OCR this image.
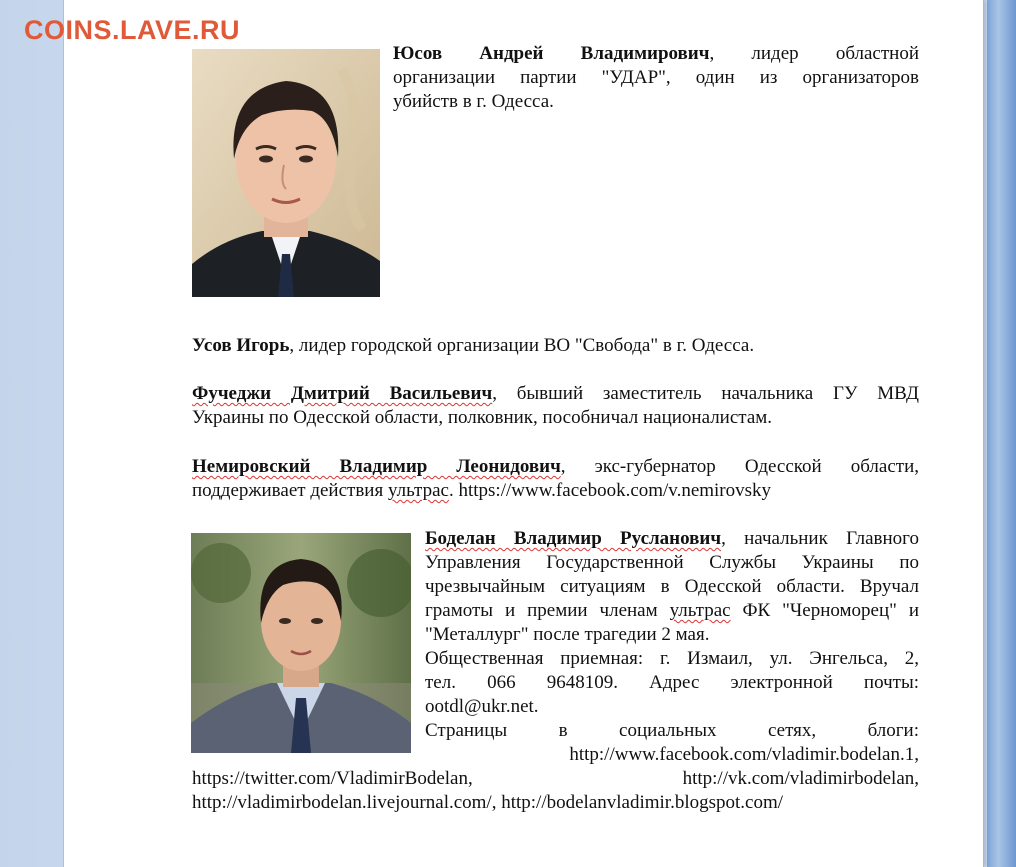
COINS.LAVE.RU
Юсов Андрей Владимирович, лидер областной
организации партии "УДАР", один из организаторов
убийств в г. Одесса.
Усов Игорь, лидер городской организации ВО "Свобода" в г. Одесса.
Фучеджи Дмитрий Васильевич, бывший заместитель начальника ГУ МВД
Украины по Одесской области, полковник, пособничал националистам.
Немировский Владимир Леонидович, экс-губернатор Одесской области,
поддерживает действия ультрас. https://www.facebook.com/v.nemirovsky
Боделан Владимир Русланович, начальник Главного
Управления Государственной Службы Украины по
чрезвычайным ситуациям в Одесской области. Вручал
грамоты и премии членам ультрас ФК "Черноморец" и
"Металлург" после трагедии 2 мая.
Общественная приемная: г. Измаил, ул. Энгельса, 2,
тел. 066 9648109. Адрес электронной почты:
ootdl@ukr.net.
Страницы в социальных сетях, блоги:
http://www.facebook.com/vladimir.bodelan.1,
https://twitter.com/VladimirBodelan,	http://vk.com/vladimirbodelan,
http://vladimirbodelan.livejournal.com/, http://bodelanvladimir.blogspot.com/
